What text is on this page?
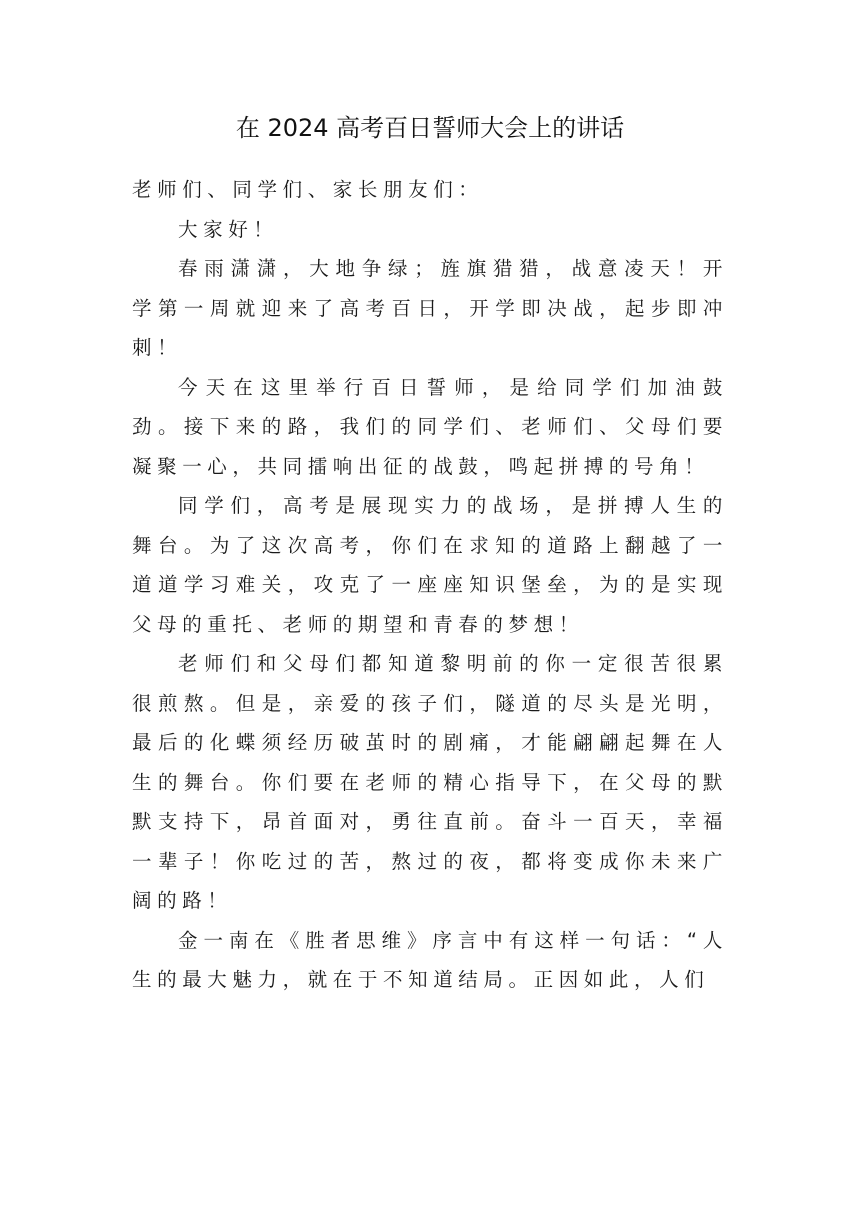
在 2024 高考百日誓师大会上的讲话

老师们、同学们、家长朋友们：

大家好！

春雨潇潇，大地争绿；旌旗猎猎，战意凌天！开学第一周就迎来了高考百日，开学即决战，起步即冲刺！

今天在这里举行百日誓师，是给同学们加油鼓劲。接下来的路，我们的同学们、老师们、父母们要凝聚一心，共同擂响出征的战鼓，鸣起拼搏的号角！

同学们，高考是展现实力的战场，是拼搏人生的舞台。为了这次高考，你们在求知的道路上翻越了一道道学习难关，攻克了一座座知识堡垒，为的是实现父母的重托、老师的期望和青春的梦想！

老师们和父母们都知道黎明前的你一定很苦很累很煎熬。但是，亲爱的孩子们，隧道的尽头是光明，最后的化蝶须经历破茧时的剧痛，才能翩翩起舞在人生的舞台。你们要在老师的精心指导下，在父母的默默支持下，昂首面对，勇往直前。奋斗一百天，幸福一辈子！你吃过的苦，熬过的夜，都将变成你未来广阔的路！

金一南在《胜者思维》序言中有这样一句话：“人生的最大魅力，就在于不知道结局。正因如此，人们
